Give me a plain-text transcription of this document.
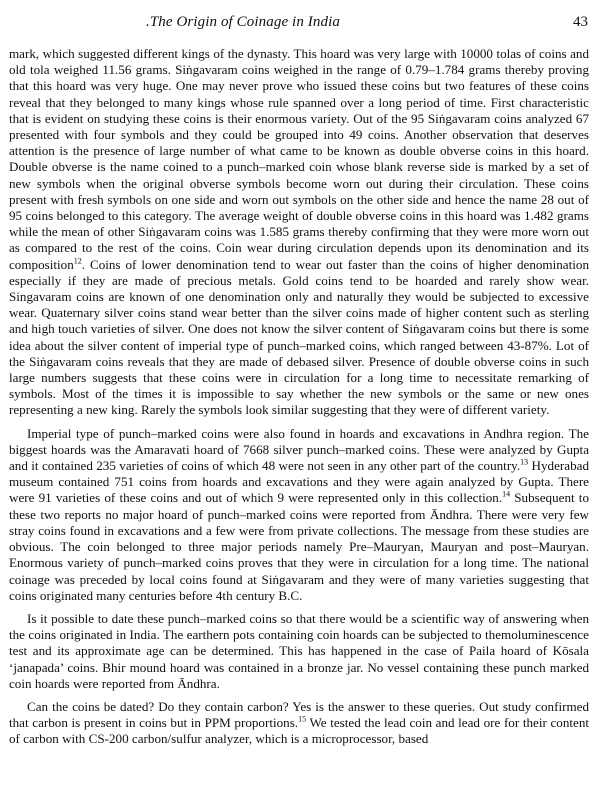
.The Origin of Coinage in India	43

mark, which suggested different kings of the dynasty. This hoard was very large with 10000 tolas of coins and old tola weighed 11.56 grams. Siṅgavaram coins weighed in the range of 0.79–1.784 grams thereby proving that this hoard was very huge. One may never prove who issued these coins but two features of these coins reveal that they belonged to many kings whose rule spanned over a long period of time. First characteristic that is evident on studying these coins is their enormous variety. Out of the 95 Siṅgavaram coins analyzed 67 presented with four symbols and they could be grouped into 49 coins. Another observation that deserves attention is the presence of large number of what came to be known as double obverse coins in this hoard. Double obverse is the name coined to a punch–marked coin whose blank reverse side is marked by a set of new symbols when the original obverse symbols become worn out during their circulation. These coins present with fresh symbols on one side and worn out symbols on the other side and hence the name 28 out of 95 coins belonged to this category. The average weight of double obverse coins in this hoard was 1.482 grams while the mean of other Siṅgavaram coins was 1.585 grams thereby confirming that they were more worn out as compared to the rest of the coins. Coin wear during circulation depends upon its denomination and its composition$^{12}$. Coins of lower denomination tend to wear out faster than the coins of higher denomination especially if they are made of precious metals. Gold coins tend to be hoarded and rarely show wear. Singavaram coins are known of one denomination only and naturally they would be subjected to excessive wear. Quaternary silver coins stand wear better than the silver coins made of higher content such as sterling and high touch varieties of silver. One does not know the silver content of Siṅgavaram coins but there is some idea about the silver content of imperial type of punch–marked coins, which ranged between 43-87%. Lot of the Siṅgavaram coins reveals that they are made of debased silver. Presence of double obverse coins in such large numbers suggests that these coins were in circulation for a long time to necessitate remarking of symbols. Most of the times it is impossible to say whether the new symbols or the same or new ones representing a new king. Rarely the symbols look similar suggesting that they were of different variety.

Imperial type of punch–marked coins were also found in hoards and excavations in Andhra region. The biggest hoards was the Amaravati hoard of 7668 silver punch–marked coins. These were analyzed by Gupta and it contained 235 varieties of coins of which 48 were not seen in any other part of the country.$^{13}$ Hyderabad museum contained 751 coins from hoards and excavations and they were again analyzed by Gupta. There were 91 varieties of these coins and out of which 9 were represented only in this collection.$^{14}$ Subsequent to these two reports no major hoard of punch–marked coins were reported from Āndhra. There were very few stray coins found in excavations and a few were from private collections. The message from these studies are obvious. The coin belonged to three major periods namely Pre–Mauryan, Mauryan and post–Mauryan. Enormous variety of punch–marked coins proves that they were in circulation for a long time. The national coinage was preceded by local coins found at Siṅgavaram and they were of many varieties suggesting that coins originated many centuries before 4th century B.C.

Is it possible to date these punch–marked coins so that there would be a scientific way of answering when the coins originated in India. The earthern pots containing coin hoards can be subjected to themoluminescence test and its approximate age can be determined. This has happened in the case of Paila hoard of Kōsala ‘janapada’ coins. Bhir mound hoard was contained in a bronze jar. No vessel containing these punch marked coin hoards were reported from Āndhra.

Can the coins be dated? Do they contain carbon? Yes is the answer to these queries. Out study confirmed that carbon is present in coins but in PPM proportions.$^{15}$ We tested the lead coin and lead ore for their content of carbon with CS-200 carbon/sulfur analyzer, which is a microprocessor, based
